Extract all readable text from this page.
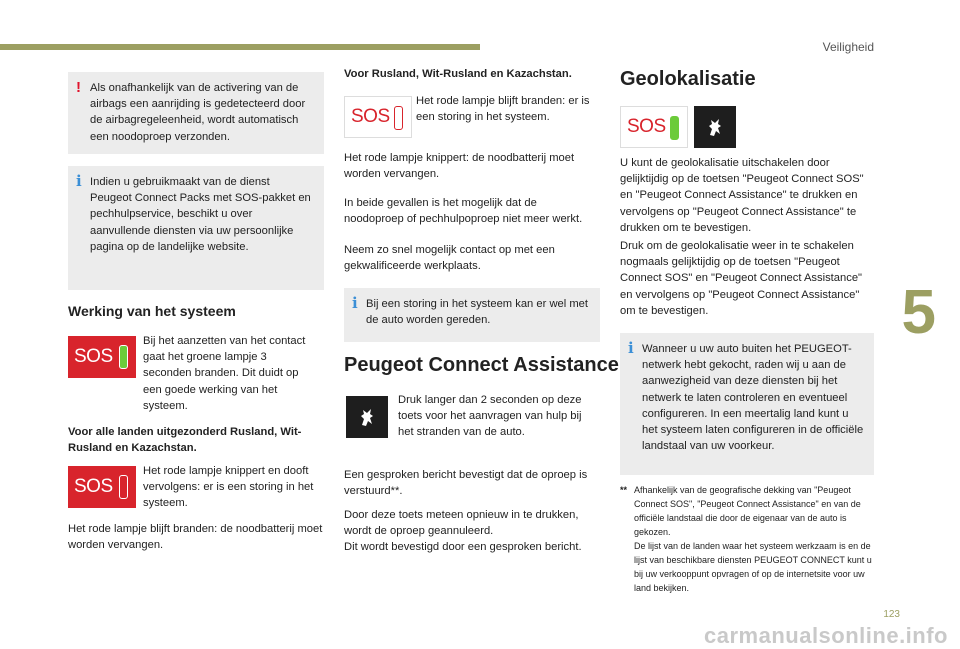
Veiligheid
5
123
carmanualsonline.info
! Als onafhankelijk van de activering van de airbags een aanrijding is gedetecteerd door de airbagregeleenheid, wordt automatisch een noodoproep verzonden.
i Indien u gebruikmaakt van de dienst Peugeot Connect Packs met SOS-pakket en pechhulpservice, beschikt u over aanvullende diensten via uw persoonlijke pagina op de landelijke website.
Werking van het systeem
SOS
Bij het aanzetten van het contact gaat het groene lampje 3 seconden branden. Dit duidt op een goede werking van het systeem.
Voor alle landen uitgezonderd Rusland, Wit-Rusland en Kazachstan.
SOS
Het rode lampje knippert en dooft vervolgens: er is een storing in het systeem.
Het rode lampje blijft branden: de noodbatterij moet worden vervangen.
Voor Rusland, Wit-Rusland en Kazachstan.
SOS
Het rode lampje blijft branden: er is een storing in het systeem.
Het rode lampje knippert: de noodbatterij moet worden vervangen.
In beide gevallen is het mogelijk dat de noodoproep of pechhulpoproep niet meer werkt.
Neem zo snel mogelijk contact op met een gekwalificeerde werkplaats.
i Bij een storing in het systeem kan er wel met de auto worden gereden.
Peugeot Connect Assistance
Druk langer dan 2 seconden op deze toets voor het aanvragen van hulp bij het stranden van de auto.
Een gesproken bericht bevestigt dat de oproep is verstuurd**.
Door deze toets meteen opnieuw in te drukken, wordt de oproep geannuleerd.
Dit wordt bevestigd door een gesproken bericht.
Geolokalisatie
SOS
U kunt de geolokalisatie uitschakelen door gelijktijdig op de toetsen "Peugeot Connect SOS" en "Peugeot Connect Assistance" te drukken en vervolgens op "Peugeot Connect Assistance" te drukken om te bevestigen.
Druk om de geolokalisatie weer in te schakelen nogmaals gelijktijdig op de toetsen "Peugeot Connect SOS" en "Peugeot Connect Assistance" en vervolgens op "Peugeot Connect Assistance" om te bevestigen.
i Wanneer u uw auto buiten het PEUGEOT-netwerk hebt gekocht, raden wij u aan de aanwezigheid van deze diensten bij het netwerk te laten controleren en eventueel configureren. In een meertalig land kunt u het systeem laten configureren in de officiële landstaal van uw voorkeur.
** Afhankelijk van de geografische dekking van "Peugeot Connect SOS", "Peugeot Connect Assistance" en van de officiële landstaal die door de eigenaar van de auto is gekozen.
De lijst van de landen waar het systeem werkzaam is en de lijst van beschikbare diensten PEUGEOT CONNECT kunt u bij uw verkooppunt opvragen of op de internetsite voor uw land bekijken.
